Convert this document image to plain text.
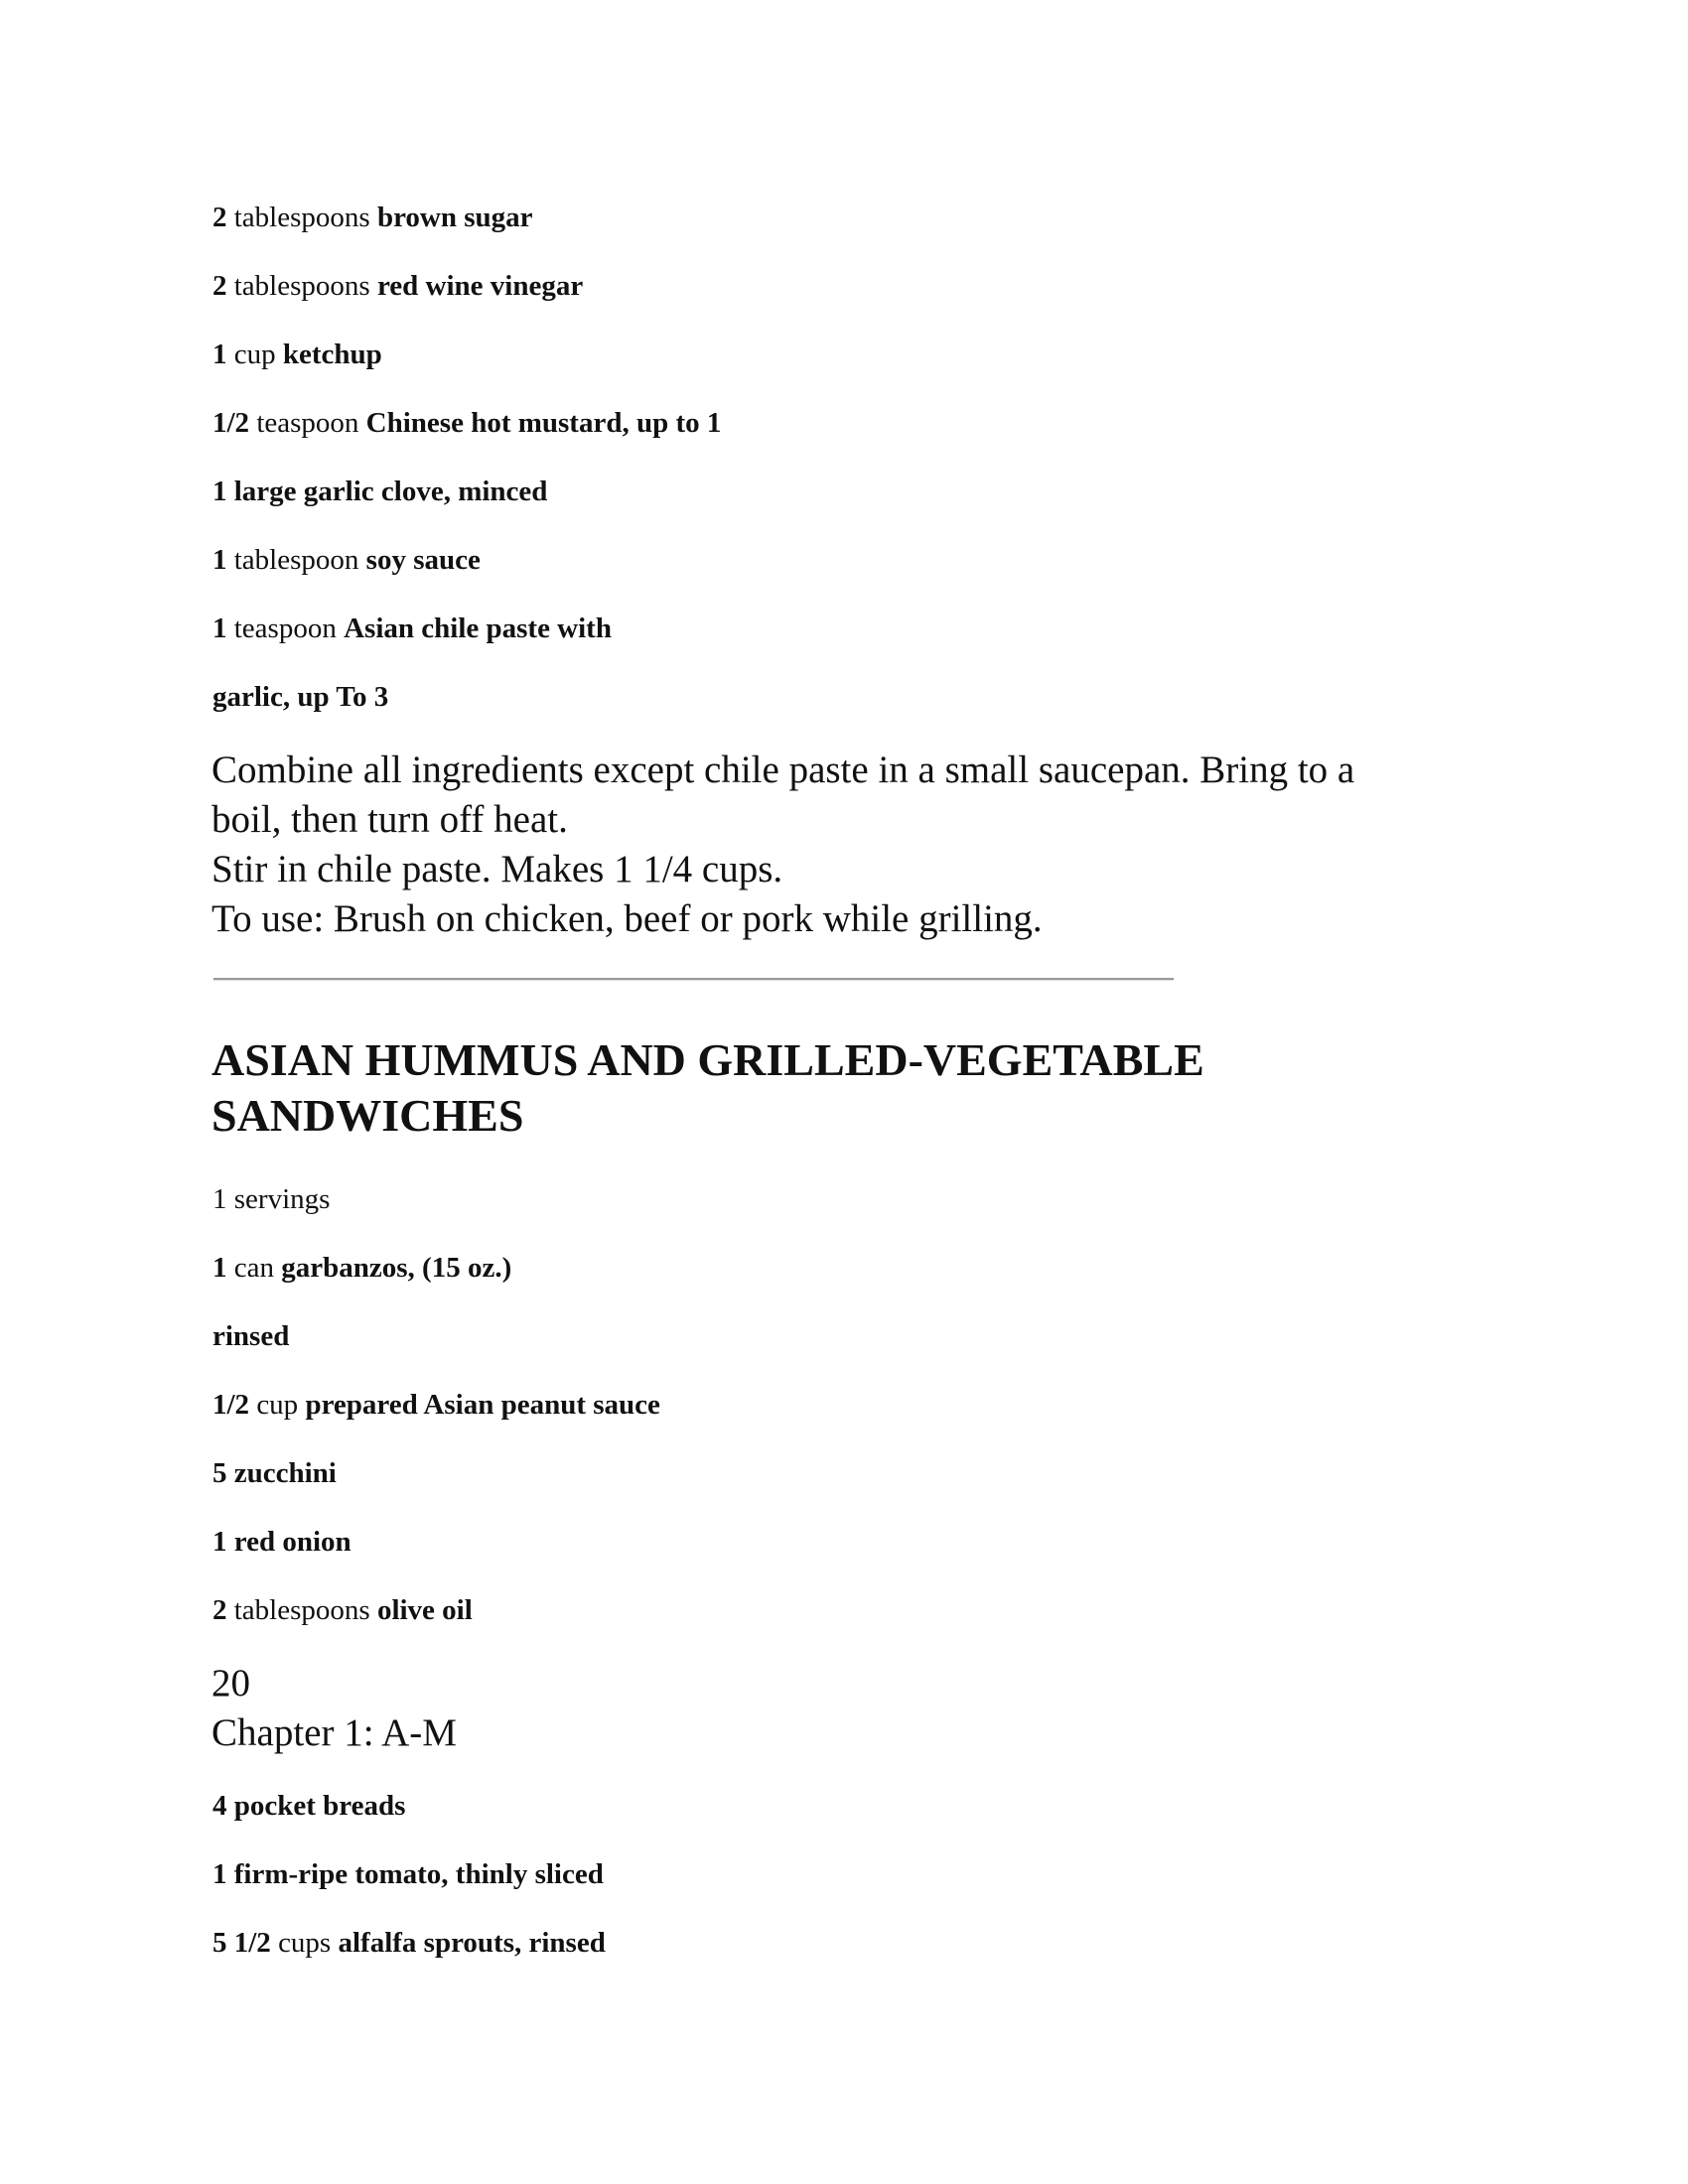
2 tablespoons brown sugar
2 tablespoons red wine vinegar
1 cup ketchup
1/2 teaspoon Chinese hot mustard, up to 1
1 large garlic clove, minced
1 tablespoon soy sauce
1 teaspoon Asian chile paste with
garlic, up To 3
Combine all ingredients except chile paste in a small saucepan. Bring to a
boil, then turn off heat.
Stir in chile paste. Makes 1 1/4 cups.
To use: Brush on chicken, beef or pork while grilling.
ASIAN HUMMUS AND GRILLED-VEGETABLE
SANDWICHES
1 servings
1 can garbanzos, (15 oz.)
rinsed
1/2 cup prepared Asian peanut sauce
5 zucchini
1 red onion
2 tablespoons olive oil
20
Chapter 1: A-M
4 pocket breads
1 firm-ripe tomato, thinly sliced
5 1/2 cups alfalfa sprouts, rinsed
